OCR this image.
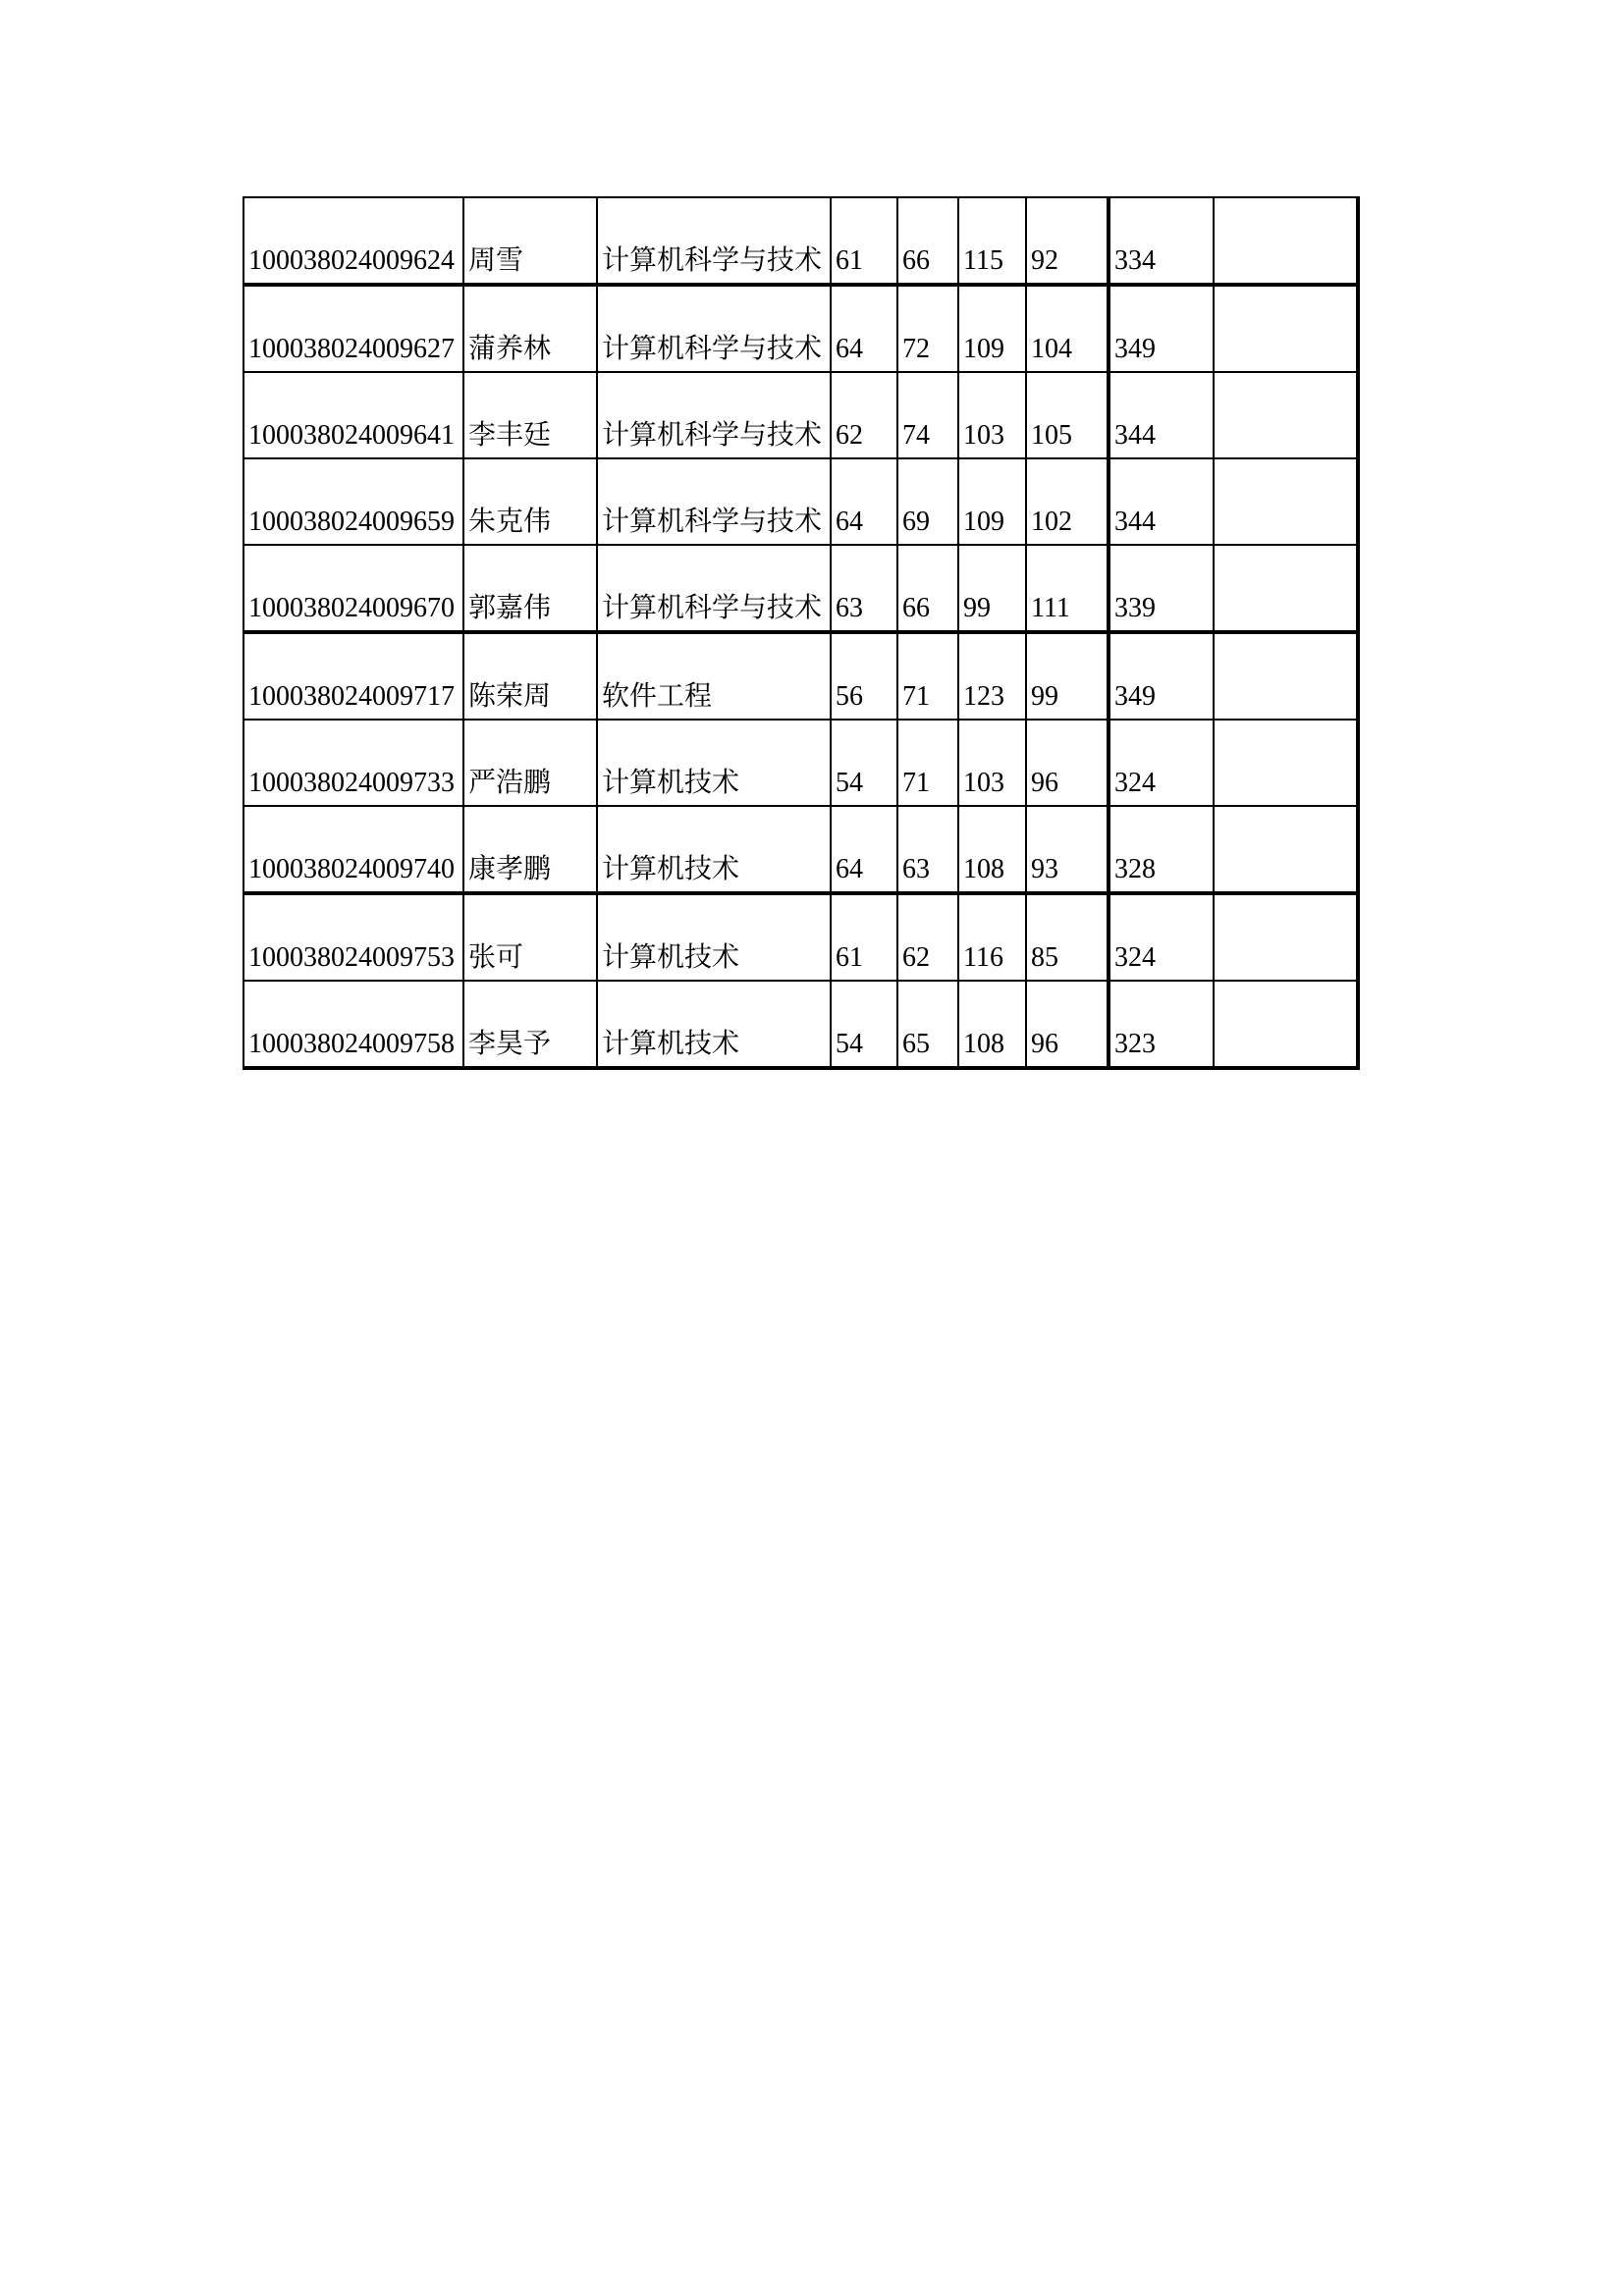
100038024009624	周雪	计算机科学与技术	61	66	115	92	334	
100038024009627	蒲养林	计算机科学与技术	64	72	109	104	349	
100038024009641	李丰廷	计算机科学与技术	62	74	103	105	344	
100038024009659	朱克伟	计算机科学与技术	64	69	109	102	344	
100038024009670	郭嘉伟	计算机科学与技术	63	66	99	111	339	
100038024009717	陈荣周	软件工程	56	71	123	99	349	
100038024009733	严浩鹏	计算机技术	54	71	103	96	324	
100038024009740	康孝鹏	计算机技术	64	63	108	93	328	
100038024009753	张可	计算机技术	61	62	116	85	324	
100038024009758	李昊予	计算机技术	54	65	108	96	323	
